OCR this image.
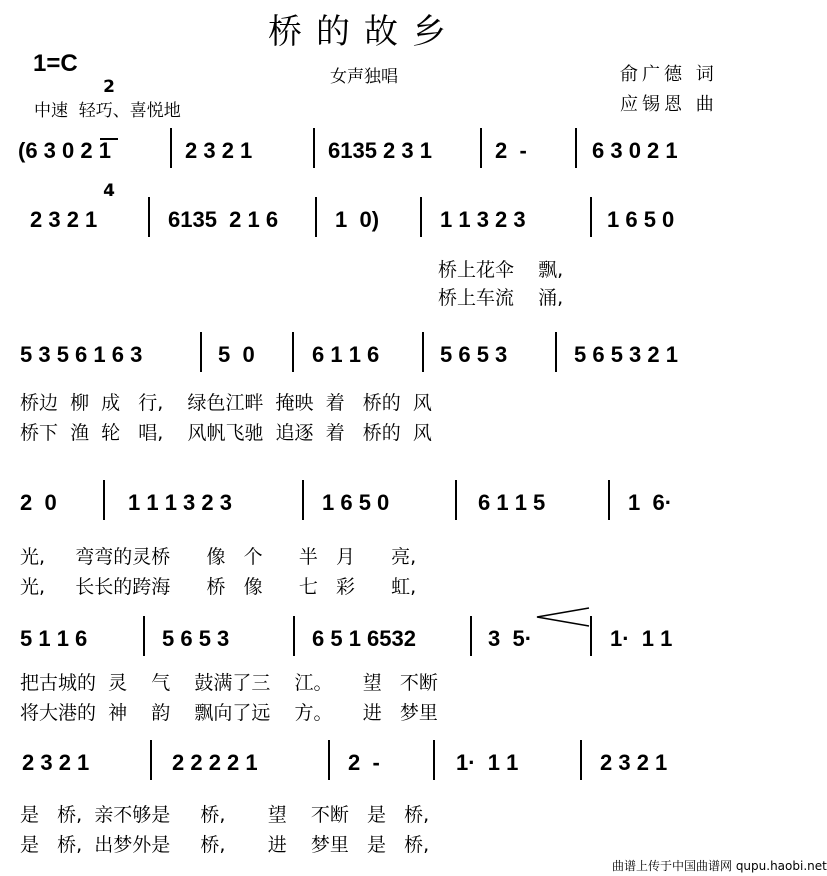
桥的故乡
1=C

2

4

女声独唱	俞广德 词
应锡恩 曲
中速  轻巧、喜悦地
(6 3 0 2 1	2 3 2 1	6135 2 3 1	2  -	6 3 0 2 1
2 3 2 1	6135  2 1 6	1  0)	1 1 3 2 3	1 6 5 0
桥上花伞    飘,
桥上车流    涌,
5 3 5 6 1 6 3	5  0	6 1 1 6	5 6 5 3	5 6 5 3 2 1
桥边  柳  成   行,    绿色江畔  掩映  着   桥的  风
桥下  渔  轮   唱,    风帆飞驰  追逐  着   桥的  风
2  0	1 1 1 3 2 3	1 6 5 0	6 1 1 5	1  6·
光,     弯弯的灵桥      像   个      半   月      亮,
光,     长长的跨海      桥   像      七   彩      虹,
5 1 1 6	5 6 5 3	6 5 1 6532	3  5·	1·  1 1
把古城的  灵    气    鼓满了三    江。     望   不断
将大港的  神    韵    飘向了远    方。     进   梦里
2 3 2 1	2 2 2 2 1	2  -	1·  1 1	2 3 2 1
是   桥,  亲不够是     桥,       望    不断   是   桥,
是   桥,  出梦外是     桥,       进    梦里   是   桥,
曲谱上传于中国曲谱网 qupu.haobi.net
